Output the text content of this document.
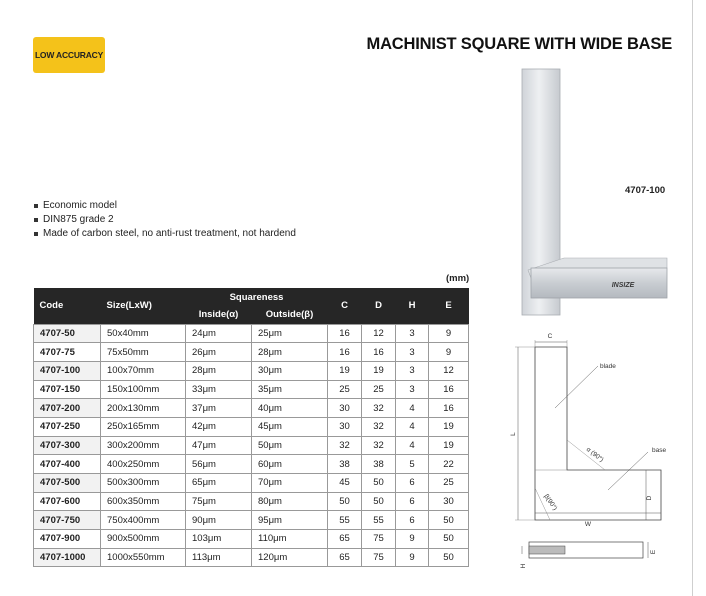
LOW ACCURACY
MACHINIST SQUARE WITH WIDE BASE
INSIZE
4707-100
Economic model
DIN875 grade 2
Made of carbon steel, no anti-rust treatment, not hardend
(mm)
Code	Size(LxW)	Squareness		C	D	H	E
		Inside(α)	Outside(β)				
4707-50	50x40mm	24μm	25μm	16	12	3	9
4707-75	75x50mm	26μm	28μm	16	16	3	9
4707-100	100x70mm	28μm	30μm	19	19	3	12
4707-150	150x100mm	33μm	35μm	25	25	3	16
4707-200	200x130mm	37μm	40μm	30	32	4	16
4707-250	250x165mm	42μm	45μm	30	32	4	19
4707-300	300x200mm	47μm	50μm	32	32	4	19
4707-400	400x250mm	56μm	60μm	38	38	5	22
4707-500	500x300mm	65μm	70μm	45	50	6	25
4707-600	600x350mm	75μm	80μm	50	50	6	30
4707-750	750x400mm	90μm	95μm	55	55	6	50
4707-900	900x500mm	103μm	110μm	65	75	9	50
4707-1000	1000x550mm	113μm	120μm	65	75	9	50
C
L
W
D
blade
α (90°)	base
β(90°)
E
H
